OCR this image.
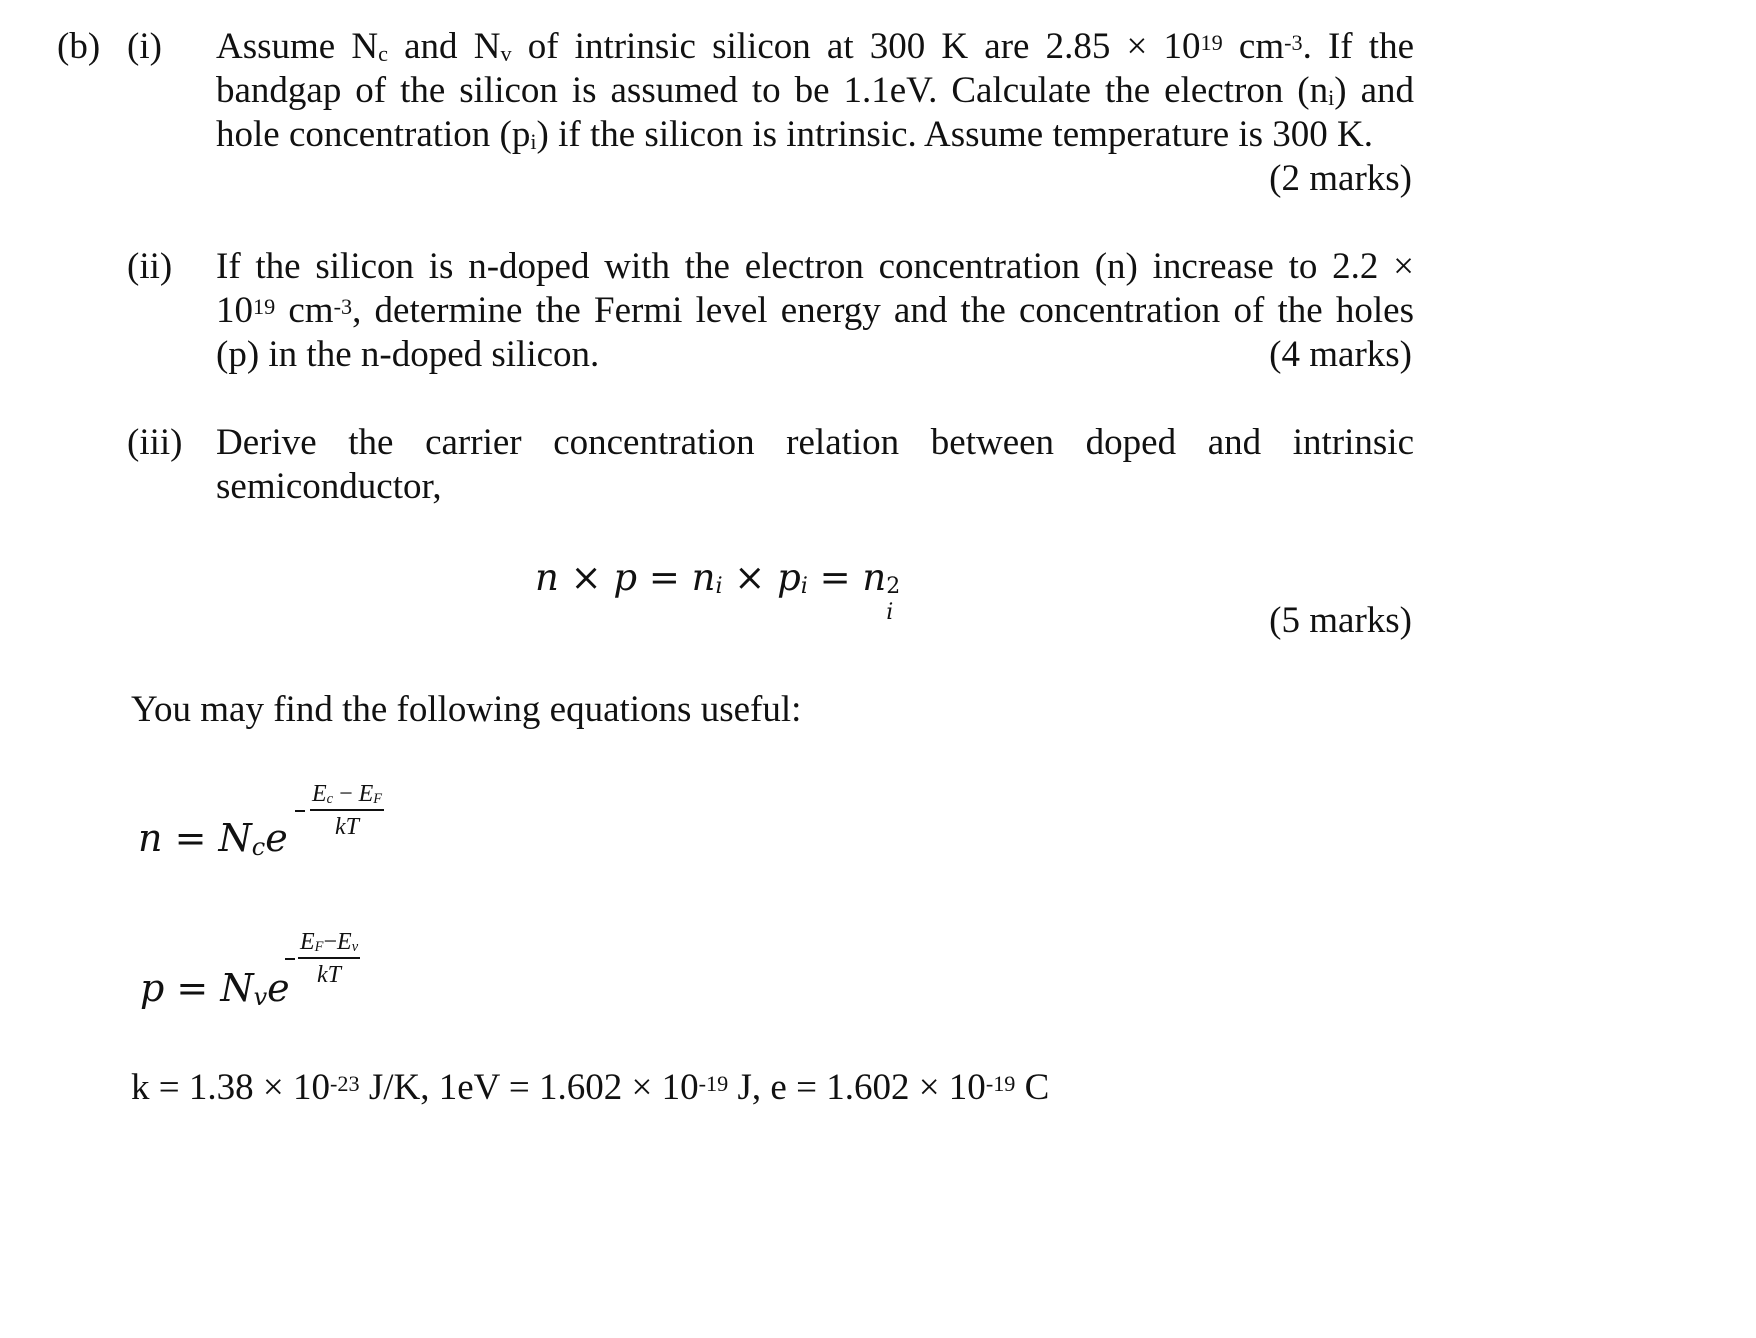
(b) (i) Assume $N_c$ and $N_v$ of intrinsic silicon at 300 K are $2.85 \times 10^{19}$ $cm^{-3}$. If the
bandgap of the silicon is assumed to be 1.1eV. Calculate the electron $(n_i)$ and
hole concentration $(p_i)$ if the silicon is intrinsic. Assume temperature is 300 K.
(2 marks)
(ii) If the silicon is n-doped with the electron concentration (n) increase to 2.2 ×
$10^{19}$ $cm^{-3}$, determine the Fermi level energy and the concentration of the holes
(p) in the n-doped silicon.	(4 marks)
(iii) Derive the carrier concentration relation between doped and intrinsic
semiconductor,
$n \times p = n_i \times p_i = n$ 2
i	(5 marks)
You may find the following equations useful:
$n = N_ce \frac{E_c - E_F}{kT}$
$p = N_ve \frac{E_F-E_v}{kT}$
$k = 1.38 \times 10^{-23}$ J/K, $1eV = 1.602 \times 10^{-19}$ J, $e = 1.602 \times 10^{-19}$ C
